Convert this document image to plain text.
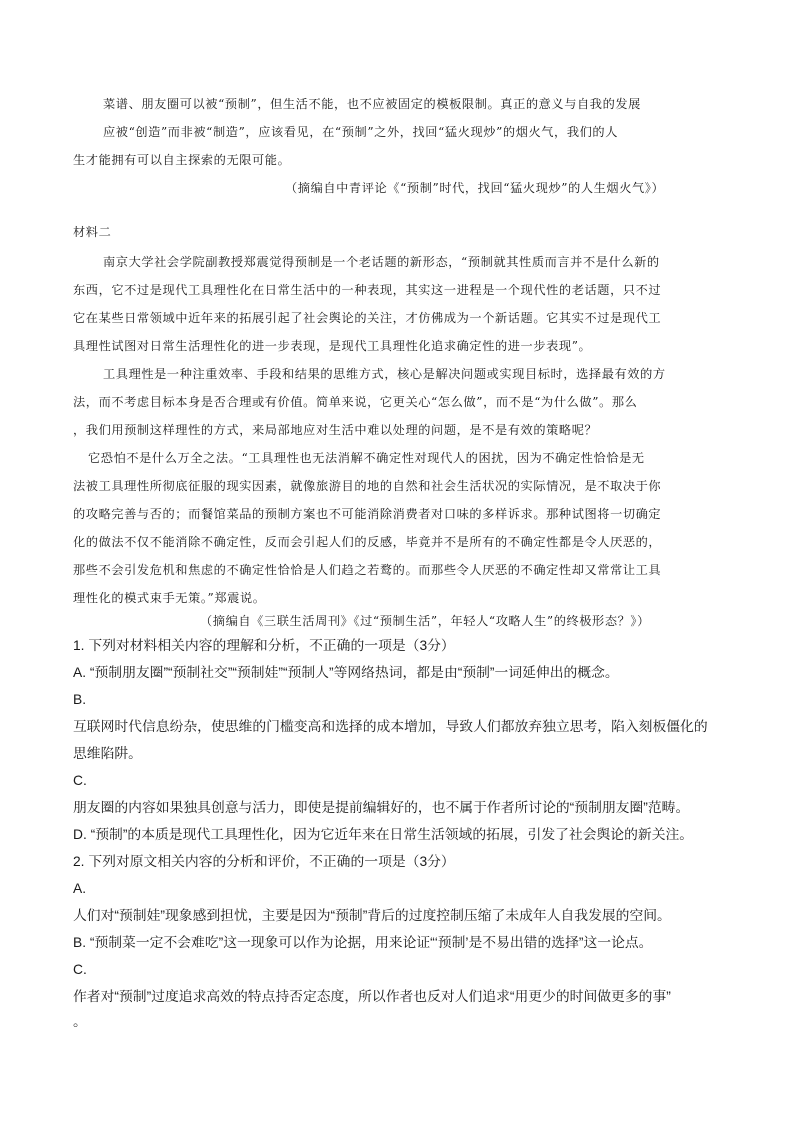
菜谱、朋友圈可以被“预制”，但生活不能，也不应被固定的模板限制。真正的意义与自我的发展
应被“创造”而非被“制造”，应该看见，在“预制”之外，找回“猛火现炒”的烟火气，我们的人
生才能拥有可以自主探索的无限可能。
（摘编自中青评论《“预制”时代，找回“猛火现炒”的人生烟火气》）
材料二
南京大学社会学院副教授郑震觉得预制是一个老话题的新形态，“预制就其性质而言并不是什么新的
东西，它不过是现代工具理性化在日常生活中的一种表现，其实这一进程是一个现代性的老话题，只不过
它在某些日常领域中近年来的拓展引起了社会舆论的关注，才仿佛成为一个新话题。它其实不过是现代工
具理性试图对日常生活理性化的进一步表现，是现代工具理性化追求确定性的进一步表现”。
工具理性是一种注重效率、手段和结果的思维方式，核心是解决问题或实现目标时，选择最有效的方
法，而不考虑目标本身是否合理或有价值。简单来说，它更关心“怎么做”，而不是“为什么做”。那么
，我们用预制这样理性的方式，来局部地应对生活中难以处理的问题，是不是有效的策略呢？
它恐怕不是什么万全之法。“工具理性也无法消解不确定性对现代人的困扰，因为不确定性恰恰是无
法被工具理性所彻底征服的现实因素，就像旅游目的地的自然和社会生活状况的实际情况，是不取决于你
的攻略完善与否的；而餐馆菜品的预制方案也不可能消除消费者对口味的多样诉求。那种试图将一切确定
化的做法不仅不能消除不确定性，反而会引起人们的反感，毕竟并不是所有的不确定性都是令人厌恶的，
那些不会引发危机和焦虑的不确定性恰恰是人们趋之若鹜的。而那些令人厌恶的不确定性却又常常让工具
理性化的模式束手无策。”郑震说。
（摘编自《三联生活周刊》《过“预制生活”，年轻人“攻略人生”的终极形态？》）
1. 下列对材料相关内容的理解和分析，不正确的一项是（3分）
A. “预制朋友圈”“预制社交”“预制娃”“预制人”等网络热词，都是由“预制”一词延伸出的概念。
B.
互联网时代信息纷杂，使思维的门槛变高和选择的成本增加，导致人们都放弃独立思考，陷入刻板僵化的
思维陷阱。
C.
朋友圈的内容如果独具创意与活力，即使是提前编辑好的，也不属于作者所讨论的“预制朋友圈”范畴。
D. “预制”的本质是现代工具理性化，因为它近年来在日常生活领域的拓展，引发了社会舆论的新关注。
2. 下列对原文相关内容的分析和评价，不正确的一项是（3分）
A.
人们对“预制娃”现象感到担忧，主要是因为“预制”背后的过度控制压缩了未成年人自我发展的空间。
B. “预制菜一定不会难吃”这一现象可以作为论据，用来论证“‘预制’是不易出错的选择”这一论点。
C.
作者对“预制”过度追求高效的特点持否定态度，所以作者也反对人们追求“用更少的时间做更多的事”
。
